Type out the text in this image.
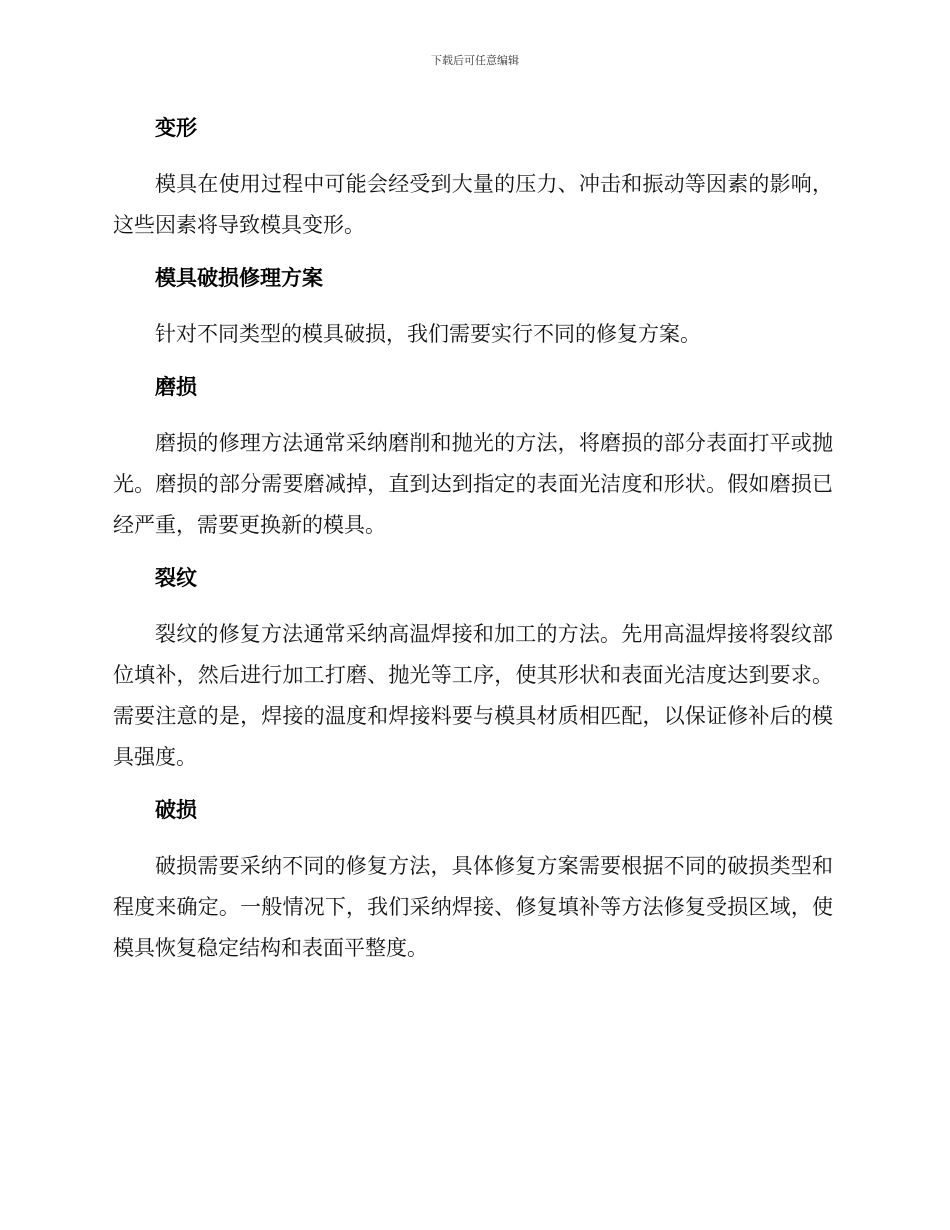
下载后可任意编辑
变形

模具在使用过程中可能会经受到大量的压力、冲击和振动等因素的影响，这些因素将导致模具变形。

模具破损修理方案

针对不同类型的模具破损，我们需要实行不同的修复方案。

磨损

磨损的修理方法通常采纳磨削和抛光的方法，将磨损的部分表面打平或抛光。磨损的部分需要磨减掉，直到达到指定的表面光洁度和形状。假如磨损已经严重，需要更换新的模具。

裂纹

裂纹的修复方法通常采纳高温焊接和加工的方法。先用高温焊接将裂纹部位填补，然后进行加工打磨、抛光等工序，使其形状和表面光洁度达到要求。需要注意的是，焊接的温度和焊接料要与模具材质相匹配，以保证修补后的模具强度。

破损

破损需要采纳不同的修复方法，具体修复方案需要根据不同的破损类型和程度来确定。一般情况下，我们采纳焊接、修复填补等方法修复受损区域，使模具恢复稳定结构和表面平整度。
